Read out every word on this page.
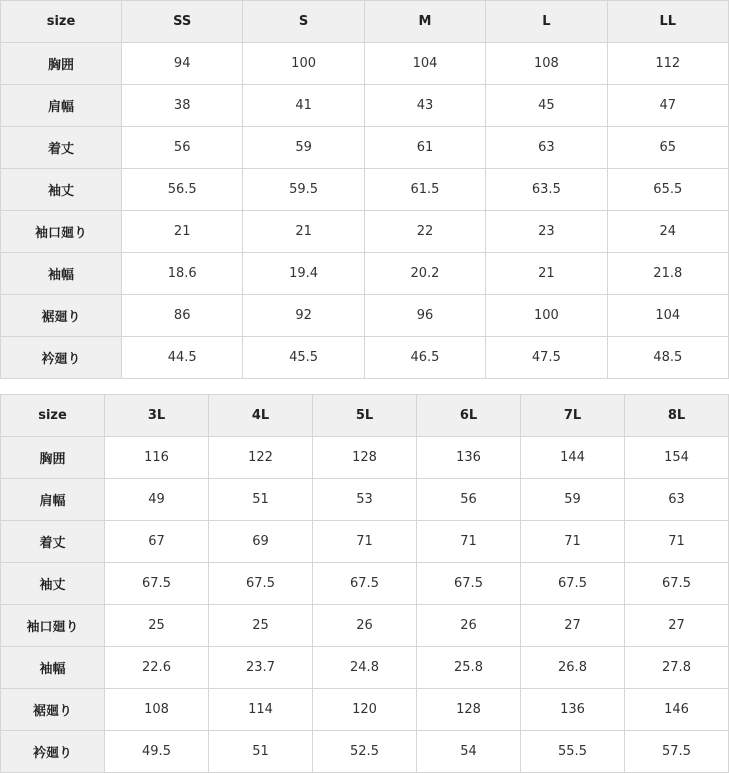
size	SS	S	M	L	LL
胸囲	94	100	104	108	112
肩幅	38	41	43	45	47
着丈	56	59	61	63	65
袖丈	56.5	59.5	61.5	63.5	65.5
袖口廻り	21	21	22	23	24
袖幅	18.6	19.4	20.2	21	21.8
裾廻り	86	92	96	100	104
衿廻り	44.5	45.5	46.5	47.5	48.5
size	3L	4L	5L	6L	7L	8L
胸囲	116	122	128	136	144	154
肩幅	49	51	53	56	59	63
着丈	67	69	71	71	71	71
袖丈	67.5	67.5	67.5	67.5	67.5	67.5
袖口廻り	25	25	26	26	27	27
袖幅	22.6	23.7	24.8	25.8	26.8	27.8
裾廻り	108	114	120	128	136	146
衿廻り	49.5	51	52.5	54	55.5	57.5
